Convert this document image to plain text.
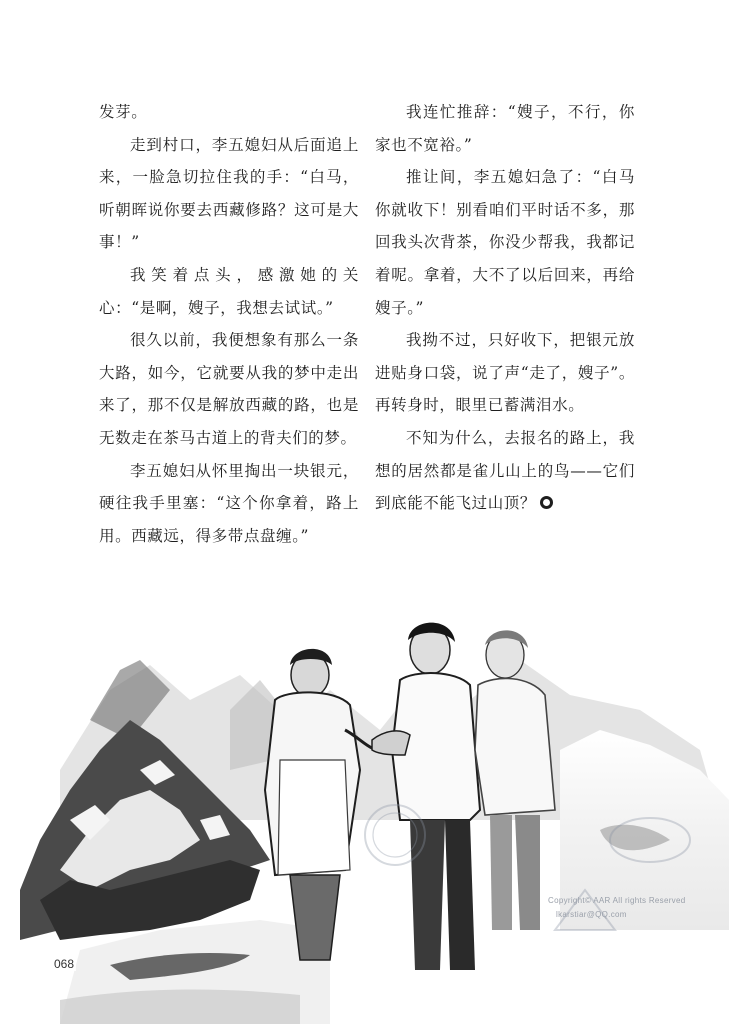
发芽。

走到村口，李五媳妇从后面追上来，一脸急切拉住我的手：“白马，听朝晖说你要去西藏修路？这可是大事！”

我笑着点头，感激她的关心：“是啊，嫂子，我想去试试。”

很久以前，我便想象有那么一条大路，如今，它就要从我的梦中走出来了，那不仅是解放西藏的路，也是无数走在茶马古道上的背夫们的梦。

李五媳妇从怀里掏出一块银元，硬往我手里塞：“这个你拿着，路上用。西藏远，得多带点盘缠。”

我连忙推辞：“嫂子，不行，你家也不宽裕。”

推让间，李五媳妇急了：“白马你就收下！别看咱们平时话不多，那回我头次背茶，你没少帮我，我都记着呢。拿着，大不了以后回来，再给嫂子。”

我拗不过，只好收下，把银元放进贴身口袋，说了声“走了，嫂子”。再转身时，眼里已蓄满泪水。

不知为什么，去报名的路上，我想的居然都是雀儿山上的鸟——它们到底能不能飞过山顶？

Copyright© AAR All rights Reserved
lkarstiar@QQ.com
068
